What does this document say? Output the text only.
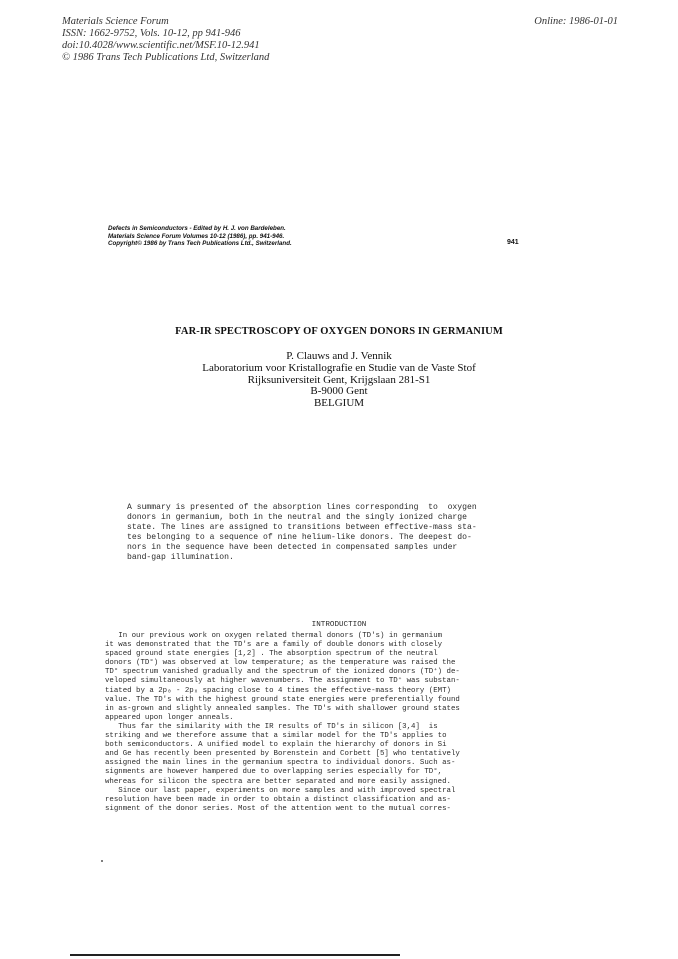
Materials Science Forum
ISSN: 1662-9752, Vols. 10-12, pp 941-946
doi:10.4028/www.scientific.net/MSF.10-12.941
© 1986 Trans Tech Publications Ltd, Switzerland
Online: 1986-01-01
Defects in Semiconductors - Edited by H. J. von Bardeleben.
Materials Science Forum Volumes 10-12 (1986), pp. 941-946.
Copyright© 1986 by Trans Tech Publications Ltd., Switzerland.	941
FAR-IR SPECTROSCOPY OF OXYGEN DONORS IN GERMANIUM
P. Clauws and J. Vennik
Laboratorium voor Kristallografie en Studie van de Vaste Stof
Rijksuniversiteit Gent, Krijgslaan 281-S1
B-9000 Gent
BELGIUM
A summary is presented of the absorption lines corresponding  to  oxygen
donors in germanium, both in the neutral and the singly ionized charge
state. The lines are assigned to transitions between effective-mass sta-
tes belonging to a sequence of nine helium-like donors. The deepest do-
nors in the sequence have been detected in compensated samples under
band-gap illumination.
INTRODUCTION
In our previous work on oxygen related thermal donors (TD's) in germanium
it was demonstrated that the TD's are a family of double donors with closely
spaced ground state energies [1,2] . The absorption spectrum of the neutral
donors (TD°) was observed at low temperature; as the temperature was raised the
TD° spectrum vanished gradually and the spectrum of the ionized donors (TD⁺) de-
veloped simultaneously at higher wavenumbers. The assignment to TD⁺ was substan-
tiated by a 2p₀ - 2pₓ spacing close to 4 times the effective-mass theory (EMT)
value. The TD's with the highest ground state energies were preferentially found
in as-grown and slightly annealed samples. The TD's with shallower ground states
appeared upon longer anneals.
Thus far the similarity with the IR results of TD's in silicon [3,4]  is
striking and we therefore assume that a similar model for the TD's applies to
both semiconductors. A unified model to explain the hierarchy of donors in Si
and Ge has recently been presented by Borenstein and Corbett [5] who tentatively
assigned the main lines in the germanium spectra to individual donors. Such as-
signments are however hampered due to overlapping series especially for TD°,
whereas for silicon the spectra are better separated and more easily assigned.
Since our last paper, experiments on more samples and with improved spectral
resolution have been made in order to obtain a distinct classification and as-
signment of the donor series. Most of the attention went to the mutual corres-
